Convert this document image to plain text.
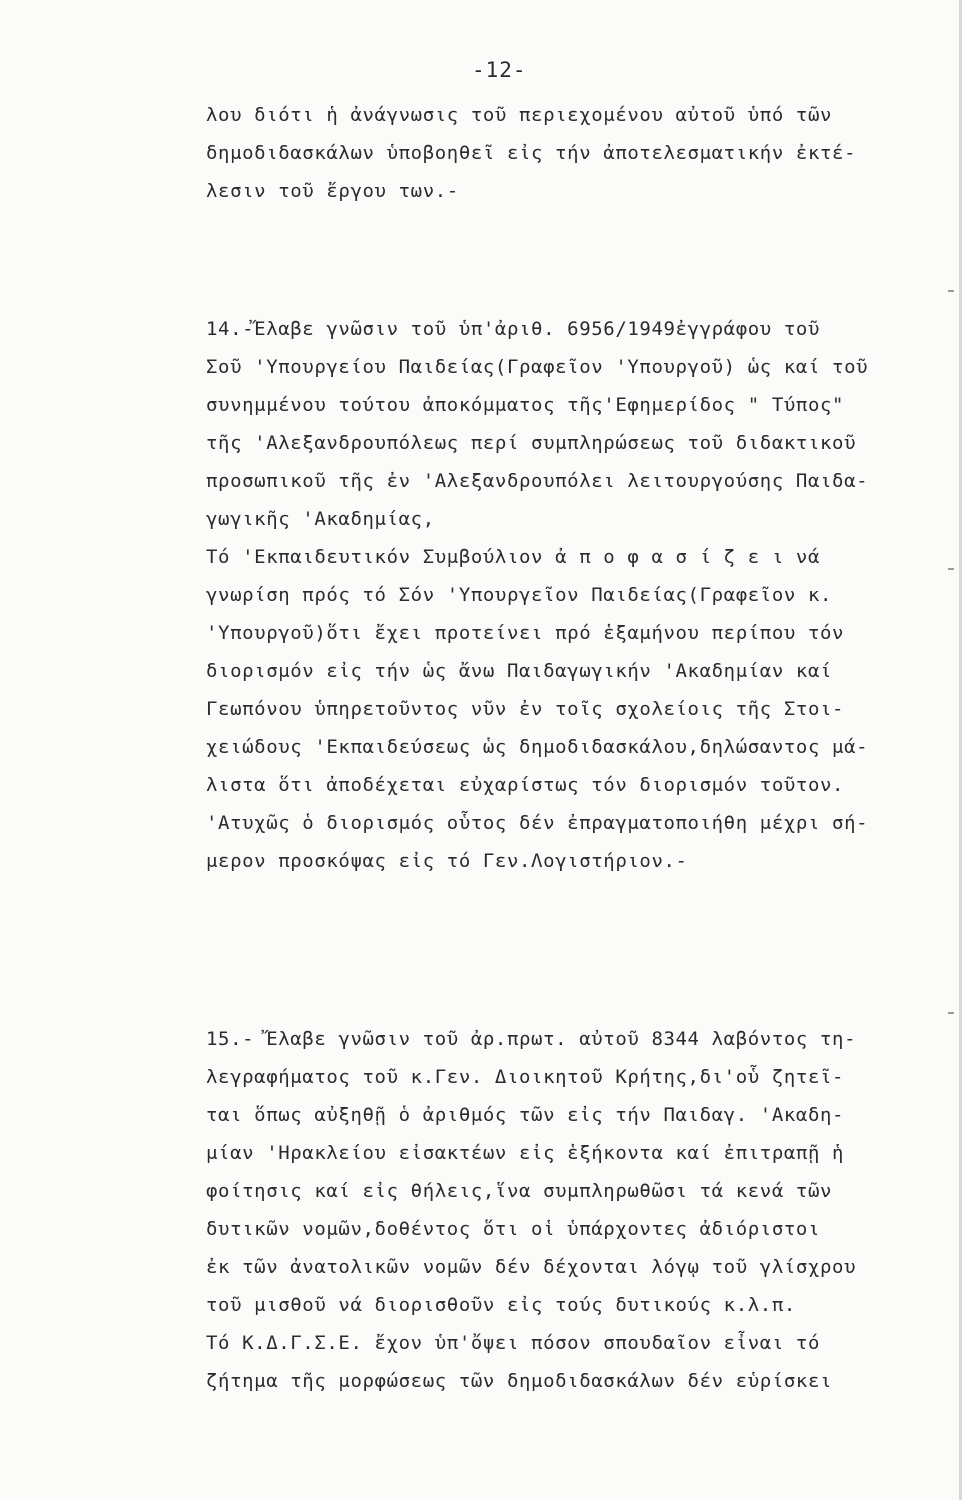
-12-
λου διότι ἡ ἀνάγνωσις τοῦ περιεχομένου αὐτοῦ ὑπό τῶν
δημοδιδασκάλων ὑποβοηθεῖ εἰς τήν ἀποτελεσματικήν ἐκτέ-
λεσιν τοῦ ἔργου των.-
14.-Ἔλαβε γνῶσιν τοῦ ὑπ'ἀριθ. 6956/1949ἐγγράφου τοῦ
Σοῦ 'Υπουργείου Παιδείας(Γραφεῖον 'Υπουργοῦ) ὡς καί τοῦ
συνημμένου τούτου ἀποκόμματος τῆς'Εφημερίδος " Τύπος"
τῆς 'Αλεξανδρουπόλεως περί συμπληρώσεως τοῦ διδακτικοῦ
προσωπικοῦ τῆς ἐν 'Αλεξανδρουπόλει λειτουργούσης Παιδα-
γωγικῆς 'Ακαδημίας,
Τό 'Εκπαιδευτικόν Συμβούλιον ἀ π ο φ α σ ί ζ ε ι νά
γνωρίση πρός τό Σόν 'Υπουργεῖον Παιδείας(Γραφεῖον κ.
'Υπουργοῦ)ὅτι ἔχει προτείνει πρό ἑξαμήνου περίπου τόν
διορισμόν εἰς τήν ὡς ἄνω Παιδαγωγικήν 'Ακαδημίαν καί
Γεωπόνου ὑπηρετοῦντος νῦν ἐν τοῖς σχολείοις τῆς Στοι-
χειώδους 'Εκπαιδεύσεως ὡς δημοδιδασκάλου,δηλώσαντος μά-
λιστα ὅτι ἀποδέχεται εὐχαρίστως τόν διορισμόν τοῦτον.
'Ατυχῶς ὁ διορισμός οὗτος δέν ἐπραγματοποιήθη μέχρι σή-
μερον προσκόψας εἰς τό Γεν.Λογιστήριον.-
15.- Ἔλαβε γνῶσιν τοῦ ἀρ.πρωτ. αὐτοῦ 8344 λαβόντος τη-
λεγραφήματος τοῦ κ.Γεν. Διοικητοῦ Κρήτης,δι'οὗ ζητεῖ-
ται ὅπως αὐξηθῇ ὁ ἀριθμός τῶν εἰς τήν Παιδαγ. 'Ακαδη-
μίαν 'Ηρακλείου εἰσακτέων εἰς ἑξήκοντα καί ἐπιτραπῇ ἡ
φοίτησις καί εἰς θήλεις,ἵνα συμπληρωθῶσι τά κενά τῶν
δυτικῶν νομῶν,δοθέντος ὅτι οἱ ὑπάρχοντες ἀδιόριστοι
ἐκ τῶν ἀνατολικῶν νομῶν δέν δέχονται λόγῳ τοῦ γλίσχρου
τοῦ μισθοῦ νά διορισθοῦν εἰς τούς δυτικούς κ.λ.π.
Τό Κ.Δ.Γ.Σ.Ε. ἔχον ὑπ'ὄψει πόσον σπουδαῖον εἶναι τό
ζήτημα τῆς μορφώσεως τῶν δημοδιδασκάλων δέν εὑρίσκει
